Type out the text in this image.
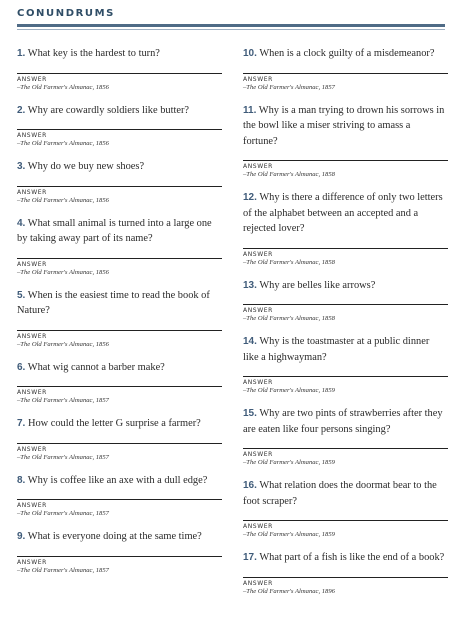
CONUNDRUMS

1. What key is the hardest to turn?

ANSWER
–The Old Farmer's Almanac, 1856

2. Why are cowardly soldiers like butter?

ANSWER
–The Old Farmer's Almanac, 1856

3. Why do we buy new shoes?

ANSWER
–The Old Farmer's Almanac, 1856

4. What small animal is turned into a large one by taking away part of its name?

ANSWER
–The Old Farmer's Almanac, 1856

5. When is the easiest time to read the book of Nature?

ANSWER
–The Old Farmer's Almanac, 1856

6. What wig cannot a barber make?

ANSWER
–The Old Farmer's Almanac, 1857

7. How could the letter G surprise a farmer?

ANSWER
–The Old Farmer's Almanac, 1857

8. Why is coffee like an axe with a dull edge?

ANSWER
–The Old Farmer's Almanac, 1857

9. What is everyone doing at the same time?

ANSWER
–The Old Farmer's Almanac, 1857

10. When is a clock guilty of a misdemeanor?

ANSWER
–The Old Farmer's Almanac, 1857

11. Why is a man trying to drown his sorrows in the bowl like a miser striving to amass a fortune?

ANSWER
–The Old Farmer's Almanac, 1858

12. Why is there a difference of only two letters of the alphabet between an accepted and a rejected lover?

ANSWER
–The Old Farmer's Almanac, 1858

13. Why are belles like arrows?

ANSWER
–The Old Farmer's Almanac, 1858

14. Why is the toastmaster at a public dinner like a highwayman?

ANSWER
–The Old Farmer's Almanac, 1859

15. Why are two pints of strawberries after they are eaten like four persons singing?

ANSWER
–The Old Farmer's Almanac, 1859

16. What relation does the doormat bear to the foot scraper?

ANSWER
–The Old Farmer's Almanac, 1859

17. What part of a fish is like the end of a book?

ANSWER
–The Old Farmer's Almanac, 1896
